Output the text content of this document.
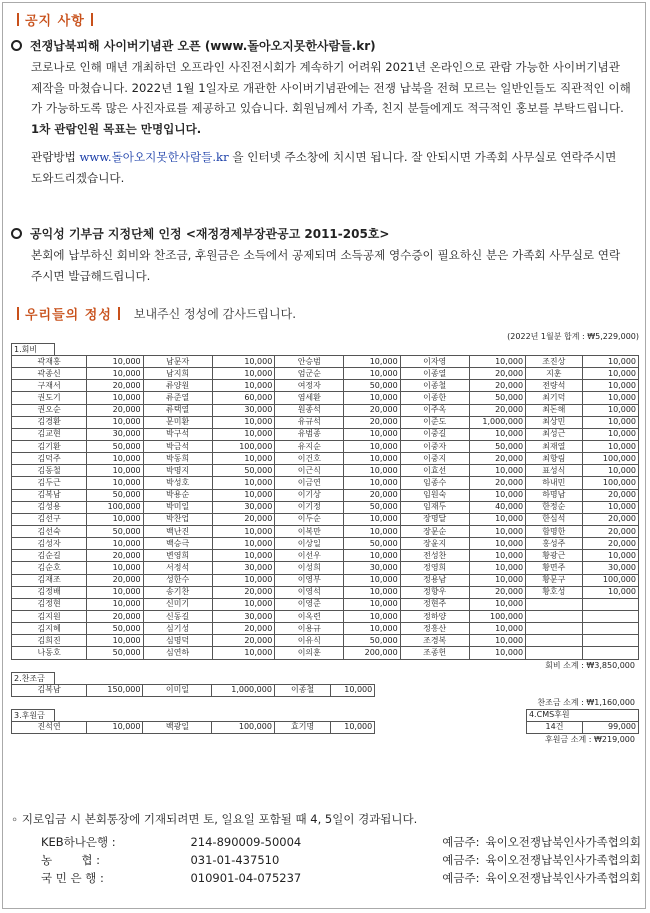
공지 사항
전쟁납북피해 사이버기념관 오픈 (www.돌아오지못한사람들.kr)
코로나로 인해 매년 개최하던 오프라인 사진전시회가 계속하기 어려워 2021년 온라인으로 관람 가능한 사이버기념관 제작을 마쳤습니다. 2022년 1월 1일자로 개관한 사이버기념관에는 전쟁 납북을 전혀 모르는 일반인들도 직관적인 이해가 가능하도록 많은 사진자료를 제공하고 있습니다. 회원님께서 가족, 친지 분들에게도 적극적인 홍보를 부탁드립니다. 1차 관람인원 목표는 만명입니다.
관람방법 www.돌아오지못한사람들.kr 을 인터넷 주소창에 치시면 됩니다. 잘 안되시면 가족회 사무실로 연락주시면 도와드리겠습니다.
공익성 기부금 지정단체 인정 <재정경제부장관공고 2011-205호>
본회에 납부하신 회비와 찬조금, 후원금은 소득에서 공제되며 소득공제 영수증이 필요하신 분은 가족회 사무실로 연락주시면 발급해드립니다.
우리들의 정성 보내주신 정성에 감사드립니다.
(2022년 1월분 합계 : ₩5,229,000)
1.회비
곽재홍	10,000	남문자	10,000	안승범	10,000	이자영	10,000	조진상	10,000
곽종신	10,000	남지희	10,000	엄군순	10,000	이종열	20,000	지훈	10,000
구재서	20,000	류양원	10,000	여정자	50,000	이종철	20,000	전량석	10,000
권도기	10,000	류준열	60,000	염세환	10,000	이종한	50,000	최기덕	10,000
권오순	20,000	류택열	30,000	원종석	20,000	이주옥	20,000	최돈해	10,000
김경환	10,000	문미환	10,000	유규석	20,000	이준도	1,000,000	최상민	10,000
김교현	30,000	박구석	10,000	유범종	10,000	이중길	10,000	최성근	10,000
김기환	50,000	박금석	100,000	유지순	10,000	이중자	50,000	최재열	10,000
김덕주	10,000	박동희	10,000	이건호	10,000	이중지	20,000	최향림	100,000
김동철	10,000	박명지	50,000	이근식	10,000	이효선	10,000	표성식	10,000
김두근	10,000	박성호	10,000	이금연	10,000	임종수	20,000	하내민	100,000
김복남	50,000	박용순	10,000	이기상	20,000	임원숙	10,000	하명남	20,000
김성용	100,000	박미일	30,000	이기정	50,000	임재두	40,000	한정순	10,000
김선구	10,000	박찬업	20,000	이두순	10,000	장명달	10,000	한심석	20,000
김선숙	50,000	백난진	10,000	이복만	10,000	장문순	10,000	함명한	20,000
김성자	10,000	백승극	10,000	이상일	50,000	장윤지	10,000	홍성주	20,000
김순길	20,000	변영희	10,000	이선우	10,000	전성찬	10,000	황광근	10,000
김순호	10,000	서정석	30,000	이성희	30,000	정영희	10,000	황면주	30,000
김재조	20,000	성한수	10,000	이영부	10,000	정용남	10,000	황문구	100,000
김정배	10,000	송기찬	20,000	이영석	10,000	정향우	20,000	황호성	10,000
김정현	10,000	신미기	10,000	이영준	10,000	정현주	10,000		
김지원	20,000	신동길	30,000	이옥련	10,000	정하양	100,000		
김지혜	50,000	심기성	20,000	이용규	10,000	정흥산	10,000		
김희진	10,000	심명덕	20,000	이유식	50,000	조경복	10,000		
나동호	50,000	심연하	10,000	이의훈	200,000	조종헌	10,000		
회비 소계 : ₩3,850,000
2.찬조금
김복남	150,000	이미일	1,000,000	이종철	10,000
찬조금 소계 : ₩1,160,000
3.후원금
진석연	10,000	백광일	100,000	효기명	10,000
4.CMS후원
14건	99,000
후원금 소계 : ₩219,000
∘ 지로입금 시 본회통장에 기재되려면 토, 일요일 포함될 때 4, 5일이 경과됩니다.
KEB하나은행 :	214-890009-50004	예금주: 육이오전쟁납북인사가족협의회
농        협 :	031-01-437510	예금주: 육이오전쟁납북인사가족협의회
국 민 은 행 :	010901-04-075237	예금주: 육이오전쟁납북인사가족협의회
